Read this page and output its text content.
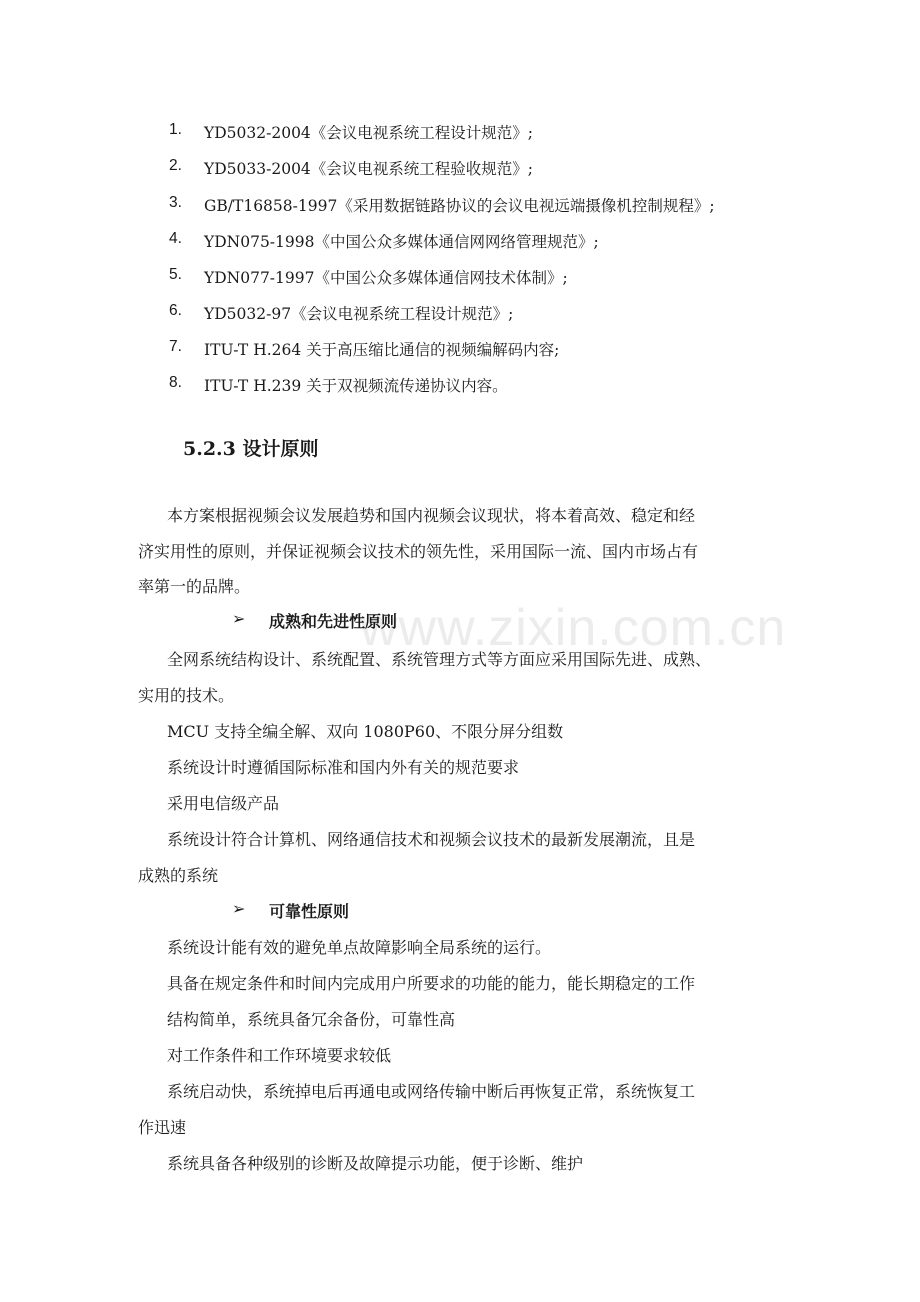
www.zixin.com.cn
1. YD5032-2004《会议电视系统工程设计规范》;
2. YD5033-2004《会议电视系统工程验收规范》;
3. GB/T16858-1997《采用数据链路协议的会议电视远端摄像机控制规程》;
4. YDN075-1998《中国公众多媒体通信网网络管理规范》;
5. YDN077-1997《中国公众多媒体通信网技术体制》;
6. YD5032-97《会议电视系统工程设计规范》;
7. ITU-T H.264 关于高压缩比通信的视频编解码内容;
8. ITU-T H.239 关于双视频流传递协议内容。
5.2.3 设计原则
本方案根据视频会议发展趋势和国内视频会议现状，将本着高效、稳定和经
济实用性的原则，并保证视频会议技术的领先性，采用国际一流、国内市场占有
率第一的品牌。
➢ 成熟和先进性原则
全网系统结构设计、系统配置、系统管理方式等方面应采用国际先进、成熟、
实用的技术。
MCU 支持全编全解、双向 1080P60、不限分屏分组数
系统设计时遵循国际标准和国内外有关的规范要求
采用电信级产品
系统设计符合计算机、网络通信技术和视频会议技术的最新发展潮流，且是
成熟的系统
➢ 可靠性原则
系统设计能有效的避免单点故障影响全局系统的运行。
具备在规定条件和时间内完成用户所要求的功能的能力，能长期稳定的工作
结构简单，系统具备冗余备份，可靠性高
对工作条件和工作环境要求较低
系统启动快，系统掉电后再通电或网络传输中断后再恢复正常，系统恢复工
作迅速
系统具备各种级别的诊断及故障提示功能，便于诊断、维护
